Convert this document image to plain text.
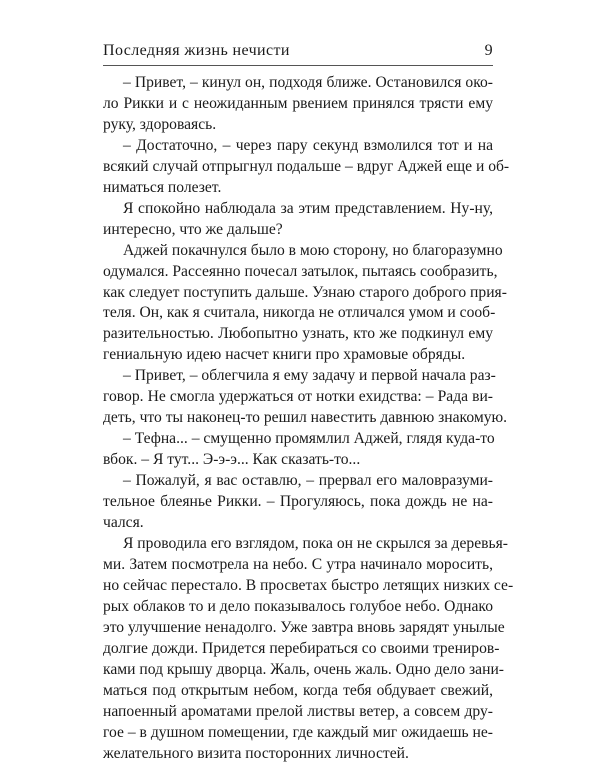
Последняя жизнь нечисти	9
– Привет, – кинул он, подходя ближе. Остановился око-
ло Рикки и с неожиданным рвением принялся трясти ему
руку, здороваясь.
– Достаточно, – через пару секунд взмолился тот и на
всякий случай отпрыгнул подальше – вдруг Аджей еще и об-
ниматься полезет.
Я спокойно наблюдала за этим представлением. Ну-ну,
интересно, что же дальше?
Аджей покачнулся было в мою сторону, но благоразумно
одумался. Рассеянно почесал затылок, пытаясь сообразить,
как следует поступить дальше. Узнаю старого доброго прия-
теля. Он, как я считала, никогда не отличался умом и сооб-
разительностью. Любопытно узнать, кто же подкинул ему
гениальную идею насчет книги про храмовые обряды.
– Привет, – облегчила я ему задачу и первой начала раз-
говор. Не смогла удержаться от нотки ехидства: – Рада ви-
деть, что ты наконец-то решил навестить давнюю знакомую.
– Тефна... – смущенно промямлил Аджей, глядя куда-то
вбок. – Я тут... Э-э-э... Как сказать-то...
– Пожалуй, я вас оставлю, – прервал его маловразуми-
тельное блеянье Рикки. – Прогуляюсь, пока дождь не на-
чался.
Я проводила его взглядом, пока он не скрылся за деревья-
ми. Затем посмотрела на небо. С утра начинало моросить,
но сейчас перестало. В просветах быстро летящих низких се-
рых облаков то и дело показывалось голубое небо. Однако
это улучшение ненадолго. Уже завтра вновь зарядят унылые
долгие дожди. Придется перебираться со своими трениров-
ками под крышу дворца. Жаль, очень жаль. Одно дело зани-
маться под открытым небом, когда тебя обдувает свежий,
напоенный ароматами прелой листвы ветер, а совсем дру-
гое – в душном помещении, где каждый миг ожидаешь не-
желательного визита посторонних личностей.
